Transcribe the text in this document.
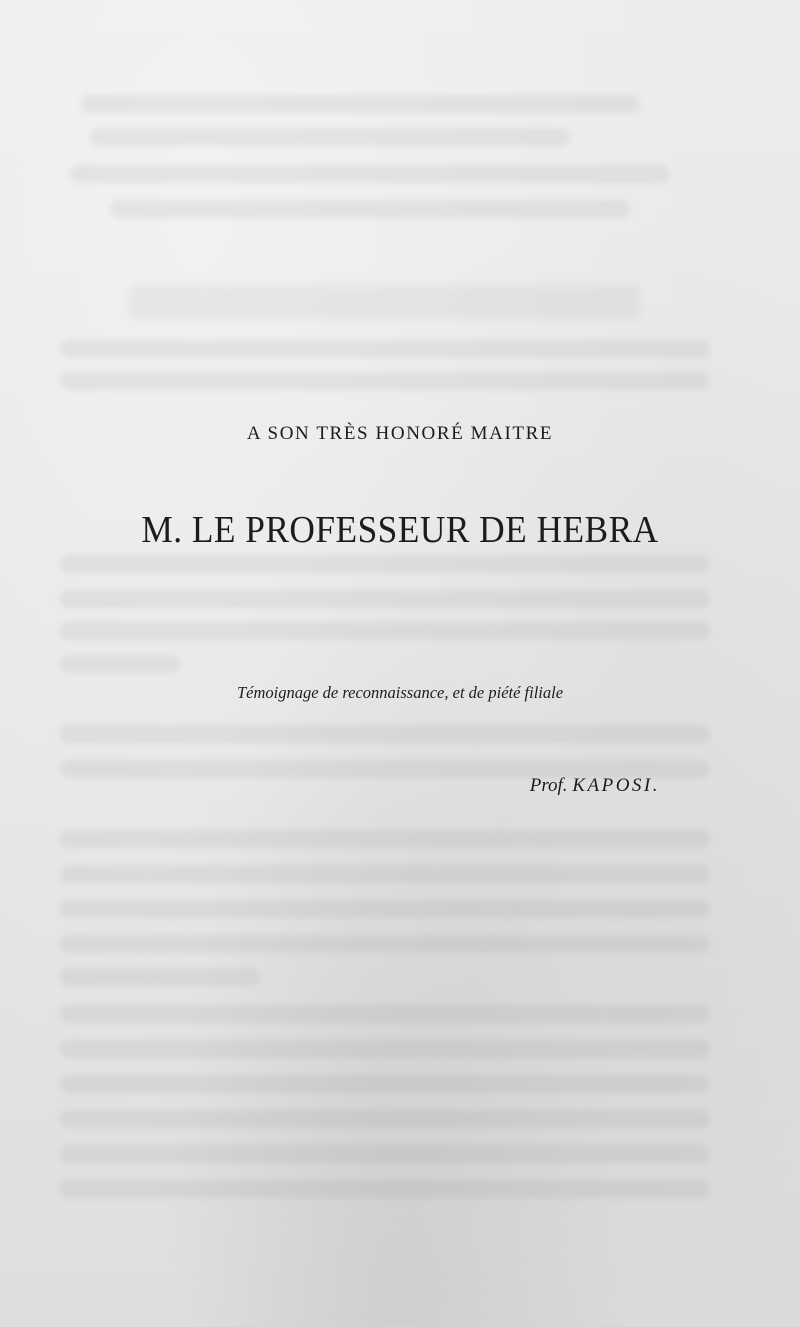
A SON TRÈS HONORÉ MAITRE

M. LE PROFESSEUR DE HEBRA

Témoignage de reconnaissance, et de piété filiale

Prof. KAPOSI.
